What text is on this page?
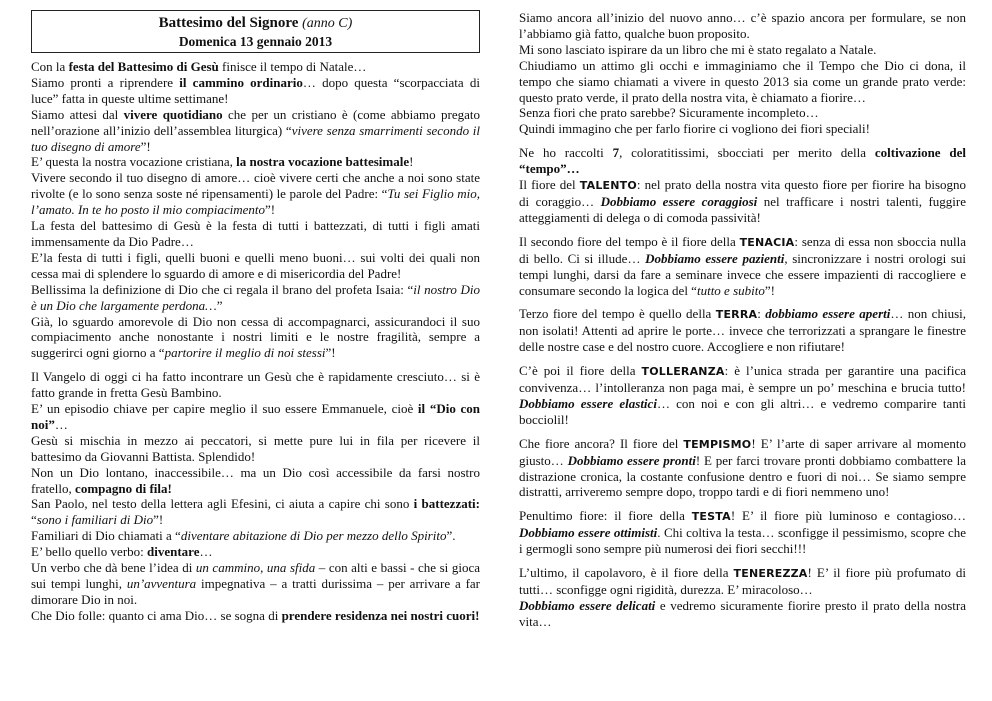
Battesimo del Signore (anno C)
Domenica 13 gennaio 2013

Con la festa del Battesimo di Gesù finisce il tempo di Natale…

Siamo pronti a riprendere il cammino ordinario… dopo questa “scorpacciata di luce” fatta in queste ultime settimane!

Siamo attesi dal vivere quotidiano che per un cristiano è (come abbiamo pregato nell’orazione all’inizio dell’assemblea liturgica) “vivere senza smarrimenti secondo il tuo disegno di amore”!

E’ questa la nostra vocazione cristiana, la nostra vocazione battesimale!

Vivere secondo il tuo disegno di amore… cioè vivere certi che anche a noi sono state rivolte (e lo sono senza soste né ripensamenti) le parole del Padre: “Tu sei Figlio mio, l’amato. In te ho posto il mio compiacimento”!

La festa del battesimo di Gesù è la festa di tutti i battezzati, di tutti i figli amati immensamente da Dio Padre…

E’la festa di tutti i figli, quelli buoni e quelli meno buoni… sui volti dei quali non cessa mai di splendere lo sguardo di amore e di misericordia del Padre!

Bellissima la definizione di Dio che ci regala il brano del profeta Isaia: “il nostro Dio è un Dio che largamente perdona…”

Già, lo sguardo amorevole di Dio non cessa di accompagnarci, assicurandoci il suo compiacimento anche nonostante i nostri limiti e le nostre fragilità, sempre a suggerirci ogni giorno a “partorire il meglio di noi stessi”!

Il Vangelo di oggi ci ha fatto incontrare un Gesù che è rapidamente cresciuto… si è fatto grande in fretta Gesù Bambino.

E’ un episodio chiave per capire meglio il suo essere Emmanuele, cioè il “Dio con noi”…

Gesù si mischia in mezzo ai peccatori, si mette pure lui in fila per ricevere il battesimo da Giovanni Battista. Splendido!

Non un Dio lontano, inaccessibile… ma un Dio così accessibile da farsi nostro fratello, compagno di fila!

San Paolo, nel testo della lettera agli Efesini, ci aiuta a capire chi sono i battezzati: “sono i familiari di Dio”!

Familiari di Dio chiamati a “diventare abitazione di Dio per mezzo dello Spirito”.

E’ bello quello verbo: diventare…

Un verbo che dà bene l’idea di un cammino, una sfida – con alti e bassi - che si gioca sui tempi lunghi, un’avventura impegnativa – a tratti durissima – per arrivare a far dimorare Dio in noi.

Che Dio folle: quanto ci ama Dio… se sogna di prendere residenza nei nostri cuori!

Siamo ancora all’inizio del nuovo anno… c’è spazio ancora per formulare, se non l’abbiamo già fatto, qualche buon proposito.

Mi sono lasciato ispirare da un libro che mi è stato regalato a Natale.

Chiudiamo un attimo gli occhi e immaginiamo che il Tempo che Dio ci dona, il tempo che siamo chiamati a vivere in questo 2013 sia come un grande prato verde: questo prato verde, il prato della nostra vita, è chiamato a fiorire…

Senza fiori che prato sarebbe? Sicuramente incompleto…

Quindi immagino che per farlo fiorire ci vogliono dei fiori speciali!

Ne ho raccolti 7, coloratitissimi, sbocciati per merito della coltivazione del “tempo”…

Il fiore del TALENTO: nel prato della nostra vita questo fiore per fiorire ha bisogno di coraggio… Dobbiamo essere coraggiosi nel trafficare i nostri talenti, fuggire atteggiamenti di delega o di comoda passività!

Il secondo fiore del tempo è il fiore della TENACIA: senza di essa non sboccia nulla di bello. Ci si illude… Dobbiamo essere pazienti, sincronizzare i nostri orologi sui tempi lunghi, darsi da fare a seminare invece che essere impazienti di raccogliere e consumare secondo la logica del “tutto e subito”!

Terzo fiore del tempo è quello della TERRA: dobbiamo essere aperti… non chiusi, non isolati! Attenti ad aprire le porte… invece che terrorizzati a sprangare le finestre delle nostre case e del nostro cuore. Accogliere e non rifiutare!

C’è poi il fiore della TOLLERANZA: è l’unica strada per garantire una pacifica convivenza… l’intolleranza non paga mai, è sempre un po’ meschina e brucia tutto! Dobbiamo essere elastici… con noi e con gli altri… e vedremo comparire tanti bocciolil!

Che fiore ancora? Il fiore del TEMPISMO! E’ l’arte di saper arrivare al momento giusto… Dobbiamo essere pronti! E per farci trovare pronti dobbiamo combattere la distrazione cronica, la costante confusione dentro e fuori di noi… Se siamo sempre distratti, arriveremo sempre dopo, troppo tardi e di fiori nemmeno uno!

Penultimo fiore: il fiore della TESTA! E’ il fiore più luminoso e contagioso… Dobbiamo essere ottimisti. Chi coltiva la testa… sconfigge il pessimismo, scopre che i germogli sono sempre più numerosi dei fiori secchi!!!

L’ultimo, il capolavoro, è il fiore della TENEREZZA! E’ il fiore più profumato di tutti… sconfigge ogni rigidità, durezza. E’ miracoloso…

Dobbiamo essere delicati e vedremo sicuramente fiorire presto il prato della nostra vita…
